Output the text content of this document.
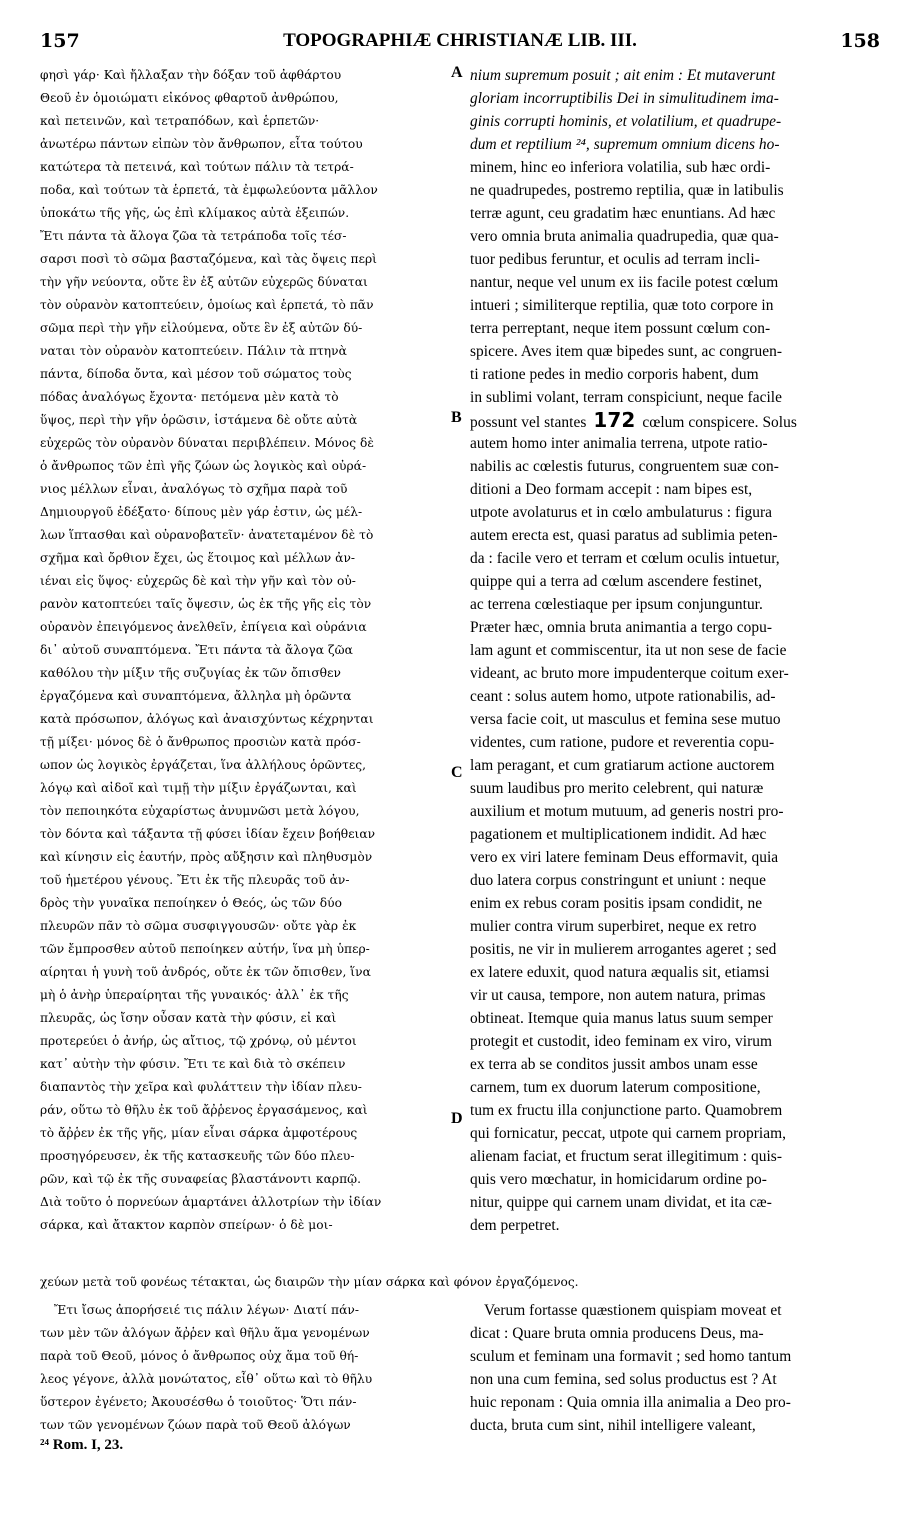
157	TOPOGRAPHIÆ CHRISTIANÆ LIB. III.	158
A
B
C
D
φησὶ γάρ· Καὶ ἤλλαξαν τὴν δόξαν τοῦ ἀφθάρτου
Θεοῦ ἐν ὁμοιώματι εἰκόνος φθαρτοῦ ἀνθρώπου,
καὶ πετεινῶν, καὶ τετραπόδων, καὶ ἑρπετῶν·
ἀνωτέρω πάντων εἰπὼν τὸν ἄνθρωπον, εἶτα τούτου
κατώτερα τὰ πετεινά, καὶ τούτων πάλιν τὰ τετρά-
ποδα, καὶ τούτων τὰ ἑρπετά, τὰ ἐμφωλεύοντα μᾶλλον
ὑποκάτω τῆς γῆς, ὡς ἐπὶ κλίμακος αὐτὰ ἐξειπών.
Ἔτι πάντα τὰ ἄλογα ζῶα τὰ τετράποδα τοῖς τέσ-
σαρσι ποσὶ τὸ σῶμα βασταζόμενα, καὶ τὰς ὄψεις περὶ
τὴν γῆν νεύοντα, οὔτε ἓν ἐξ αὐτῶν εὐχερῶς δύναται
τὸν οὐρανὸν κατοπτεύειν, ὁμοίως καὶ ἑρπετά, τὸ πᾶν
σῶμα περὶ τὴν γῆν εἰλούμενα, οὔτε ἓν ἐξ αὐτῶν δύ-
ναται τὸν οὐρανὸν κατοπτεύειν. Πάλιν τὰ πτηνὰ
πάντα, δίποδα ὄντα, καὶ μέσον τοῦ σώματος τοὺς
πόδας ἀναλόγως ἔχοντα· πετόμενα μὲν κατὰ τὸ
ὕψος, περὶ τὴν γῆν ὁρῶσιν, ἱστάμενα δὲ οὔτε αὐτὰ
εὐχερῶς τὸν οὐρανὸν δύναται περιβλέπειν. Μόνος δὲ
ὁ ἄνθρωπος τῶν ἐπὶ γῆς ζώων ὡς λογικὸς καὶ οὐρά-
νιος μέλλων εἶναι, ἀναλόγως τὸ σχῆμα παρὰ τοῦ
Δημιουργοῦ ἐδέξατο· δίπους μὲν γάρ ἐστιν, ὡς μέλ-
λων ἵπτασθαι καὶ οὐρανοβατεῖν· ἀνατεταμένον δὲ τὸ
σχῆμα καὶ ὄρθιον ἔχει, ὡς ἕτοιμος καὶ μέλλων ἀν-
ιέναι εἰς ὕψος· εὐχερῶς δὲ καὶ τὴν γῆν καὶ τὸν οὐ-
ρανὸν κατοπτεύει ταῖς ὄψεσιν, ὡς ἐκ τῆς γῆς εἰς τὸν
οὐρανὸν ἐπειγόμενος ἀνελθεῖν, ἐπίγεια καὶ οὐράνια
δι᾽ αὐτοῦ συναπτόμενα. Ἔτι πάντα τὰ ἄλογα ζῶα
καθόλου τὴν μίξιν τῆς συζυγίας ἐκ τῶν ὄπισθεν
ἐργαζόμενα καὶ συναπτόμενα, ἄλληλα μὴ ὁρῶντα
κατὰ πρόσωπον, ἀλόγως καὶ ἀναισχύντως κέχρηνται
τῇ μίξει· μόνος δὲ ὁ ἄνθρωπος προσιὼν κατὰ πρόσ-
ωπον ὡς λογικὸς ἐργάζεται, ἵνα ἀλλήλους ὁρῶντες,
λόγῳ καὶ αἰδοῖ καὶ τιμῇ τὴν μίξιν ἐργάζωνται, καὶ
τὸν πεποιηκότα εὐχαρίστως ἀνυμνῶσι μετὰ λόγου,
τὸν δόντα καὶ τάξαντα τῇ φύσει ἰδίαν ἔχειν βοήθειαν
καὶ κίνησιν εἰς ἑαυτήν, πρὸς αὔξησιν καὶ πληθυσμὸν
τοῦ ἡμετέρου γένους. Ἔτι ἐκ τῆς πλευρᾶς τοῦ ἀν-
δρὸς τὴν γυναῖκα πεποίηκεν ὁ Θεός, ὡς τῶν δύο
πλευρῶν πᾶν τὸ σῶμα συσφιγγουσῶν· οὔτε γὰρ ἐκ
τῶν ἔμπροσθεν αὐτοῦ πεποίηκεν αὐτήν, ἵνα μὴ ὑπερ-
αίρηται ἡ γυνὴ τοῦ ἀνδρός, οὔτε ἐκ τῶν ὄπισθεν, ἵνα
μὴ ὁ ἀνὴρ ὑπεραίρηται τῆς γυναικός· ἀλλ᾽ ἐκ τῆς
πλευρᾶς, ὡς ἴσην οὖσαν κατὰ τὴν φύσιν, εἰ καὶ
προτερεύει ὁ ἀνήρ, ὡς αἴτιος, τῷ χρόνῳ, οὐ μέντοι
κατ᾽ αὐτὴν τὴν φύσιν. Ἔτι τε καὶ διὰ τὸ σκέπειν
διαπαντὸς τὴν χεῖρα καὶ φυλάττειν τὴν ἰδίαν πλευ-
ράν, οὕτω τὸ θῆλυ ἐκ τοῦ ἄῤῥενος ἐργασάμενος, καὶ
τὸ ἄῤῥεν ἐκ τῆς γῆς, μίαν εἶναι σάρκα ἀμφοτέρους
προσηγόρευσεν, ἐκ τῆς κατασκευῆς τῶν δύο πλευ-
ρῶν, καὶ τῷ ἐκ τῆς συναφείας βλαστάνοντι καρπῷ.
Διὰ τοῦτο ὁ πορνεύων ἁμαρτάνει ἀλλοτρίων τὴν ἰδίαν
σάρκα, καὶ ἄτακτον καρπὸν σπείρων· ὁ δὲ μοι-
nium supremum posuit ; ait enim : Et mutaverunt
gloriam incorruptibilis Dei in simulitudinem ima-
ginis corrupti hominis, et volatilium, et quadrupe-
dum et reptilium ²⁴, supremum omnium dicens ho-
minem, hinc eo inferiora volatilia, sub hæc ordi-
ne quadrupedes, postremo reptilia, quæ in latibulis
terræ agunt, ceu gradatim hæc enuntians. Ad hæc
vero omnia bruta animalia quadrupedia, quæ qua-
tuor pedibus feruntur, et oculis ad terram incli-
nantur, neque vel unum ex iis facile potest cœlum
intueri ; similiterque reptilia, quæ toto corpore in
terra perreptant, neque item possunt cœlum con-
spicere. Aves item quæ bipedes sunt, ac congruen-
ti ratione pedes in medio corporis habent, dum
in sublimi volant, terram conspiciunt, neque facile
possunt vel stantes 172 cœlum conspicere. Solus
autem homo inter animalia terrena, utpote ratio-
nabilis ac cœlestis futurus, congruentem suæ con-
ditioni a Deo formam accepit : nam bipes est,
utpote avolaturus et in cœlo ambulaturus : figura
autem erecta est, quasi paratus ad sublimia peten-
da : facile vero et terram et cœlum oculis intuetur,
quippe qui a terra ad cœlum ascendere festinet,
ac terrena cœlestiaque per ipsum conjunguntur.
Præter hæc, omnia bruta animantia a tergo copu-
lam agunt et commiscentur, ita ut non sese de facie
videant, ac bruto more impudenterque coitum exer-
ceant : solus autem homo, utpote rationabilis, ad-
versa facie coit, ut masculus et femina sese mutuo
videntes, cum ratione, pudore et reverentia copu-
lam peragant, et cum gratiarum actione auctorem
suum laudibus pro merito celebrent, qui naturæ
auxilium et motum mutuum, ad generis nostri pro-
pagationem et multiplicationem indidit. Ad hæc
vero ex viri latere feminam Deus efformavit, quia
duo latera corpus constringunt et uniunt : neque
enim ex rebus coram positis ipsam condidit, ne
mulier contra virum superbiret, neque ex retro
positis, ne vir in mulierem arrogantes ageret ; sed
ex latere eduxit, quod natura æqualis sit, etiamsi
vir ut causa, tempore, non autem natura, primas
obtineat. Itemque quia manus latus suum semper
protegit et custodit, ideo feminam ex viro, virum
ex terra ab se conditos jussit ambos unam esse
carnem, tum ex duorum laterum compositione,
tum ex fructu illa conjunctione parto. Quamobrem
qui fornicatur, peccat, utpote qui carnem propriam,
alienam faciat, et fructum serat illegitimum : quis-
quis vero mœchatur, in homicidarum ordine po-
nitur, quippe qui carnem unam dividat, et ita cæ-
dem perpetret.
χεύων μετὰ τοῦ φονέως τέτακται, ὡς διαιρῶν τὴν μίαν σάρκα καὶ φόνον ἐργαζόμενος.
Ἔτι ἴσως ἀπορήσειέ τις πάλιν λέγων· Διατί πάν-
των μὲν τῶν ἀλόγων ἄῤῥεν καὶ θῆλυ ἅμα γενομένων
παρὰ τοῦ Θεοῦ, μόνος ὁ ἄνθρωπος οὐχ ἅμα τοῦ θή-
λεος γέγονε, ἀλλὰ μονώτατος, εἶθ᾽ οὕτω καὶ τὸ θῆλυ
ὕστερον ἐγένετο; Ἀκουσέσθω ὁ τοιοῦτος· Ὅτι πάν-
των τῶν γενομένων ζώων παρὰ τοῦ Θεοῦ ἀλόγων
Verum fortasse quæstionem quispiam moveat et
dicat : Quare bruta omnia producens Deus, ma-
sculum et feminam una formavit ; sed homo tantum
non una cum femina, sed solus productus est ? At
huic reponam : Quia omnia illa animalia a Deo pro-
ducta, bruta cum sint, nihil intelligere valeant,
²⁴ Rom. I, 23.
